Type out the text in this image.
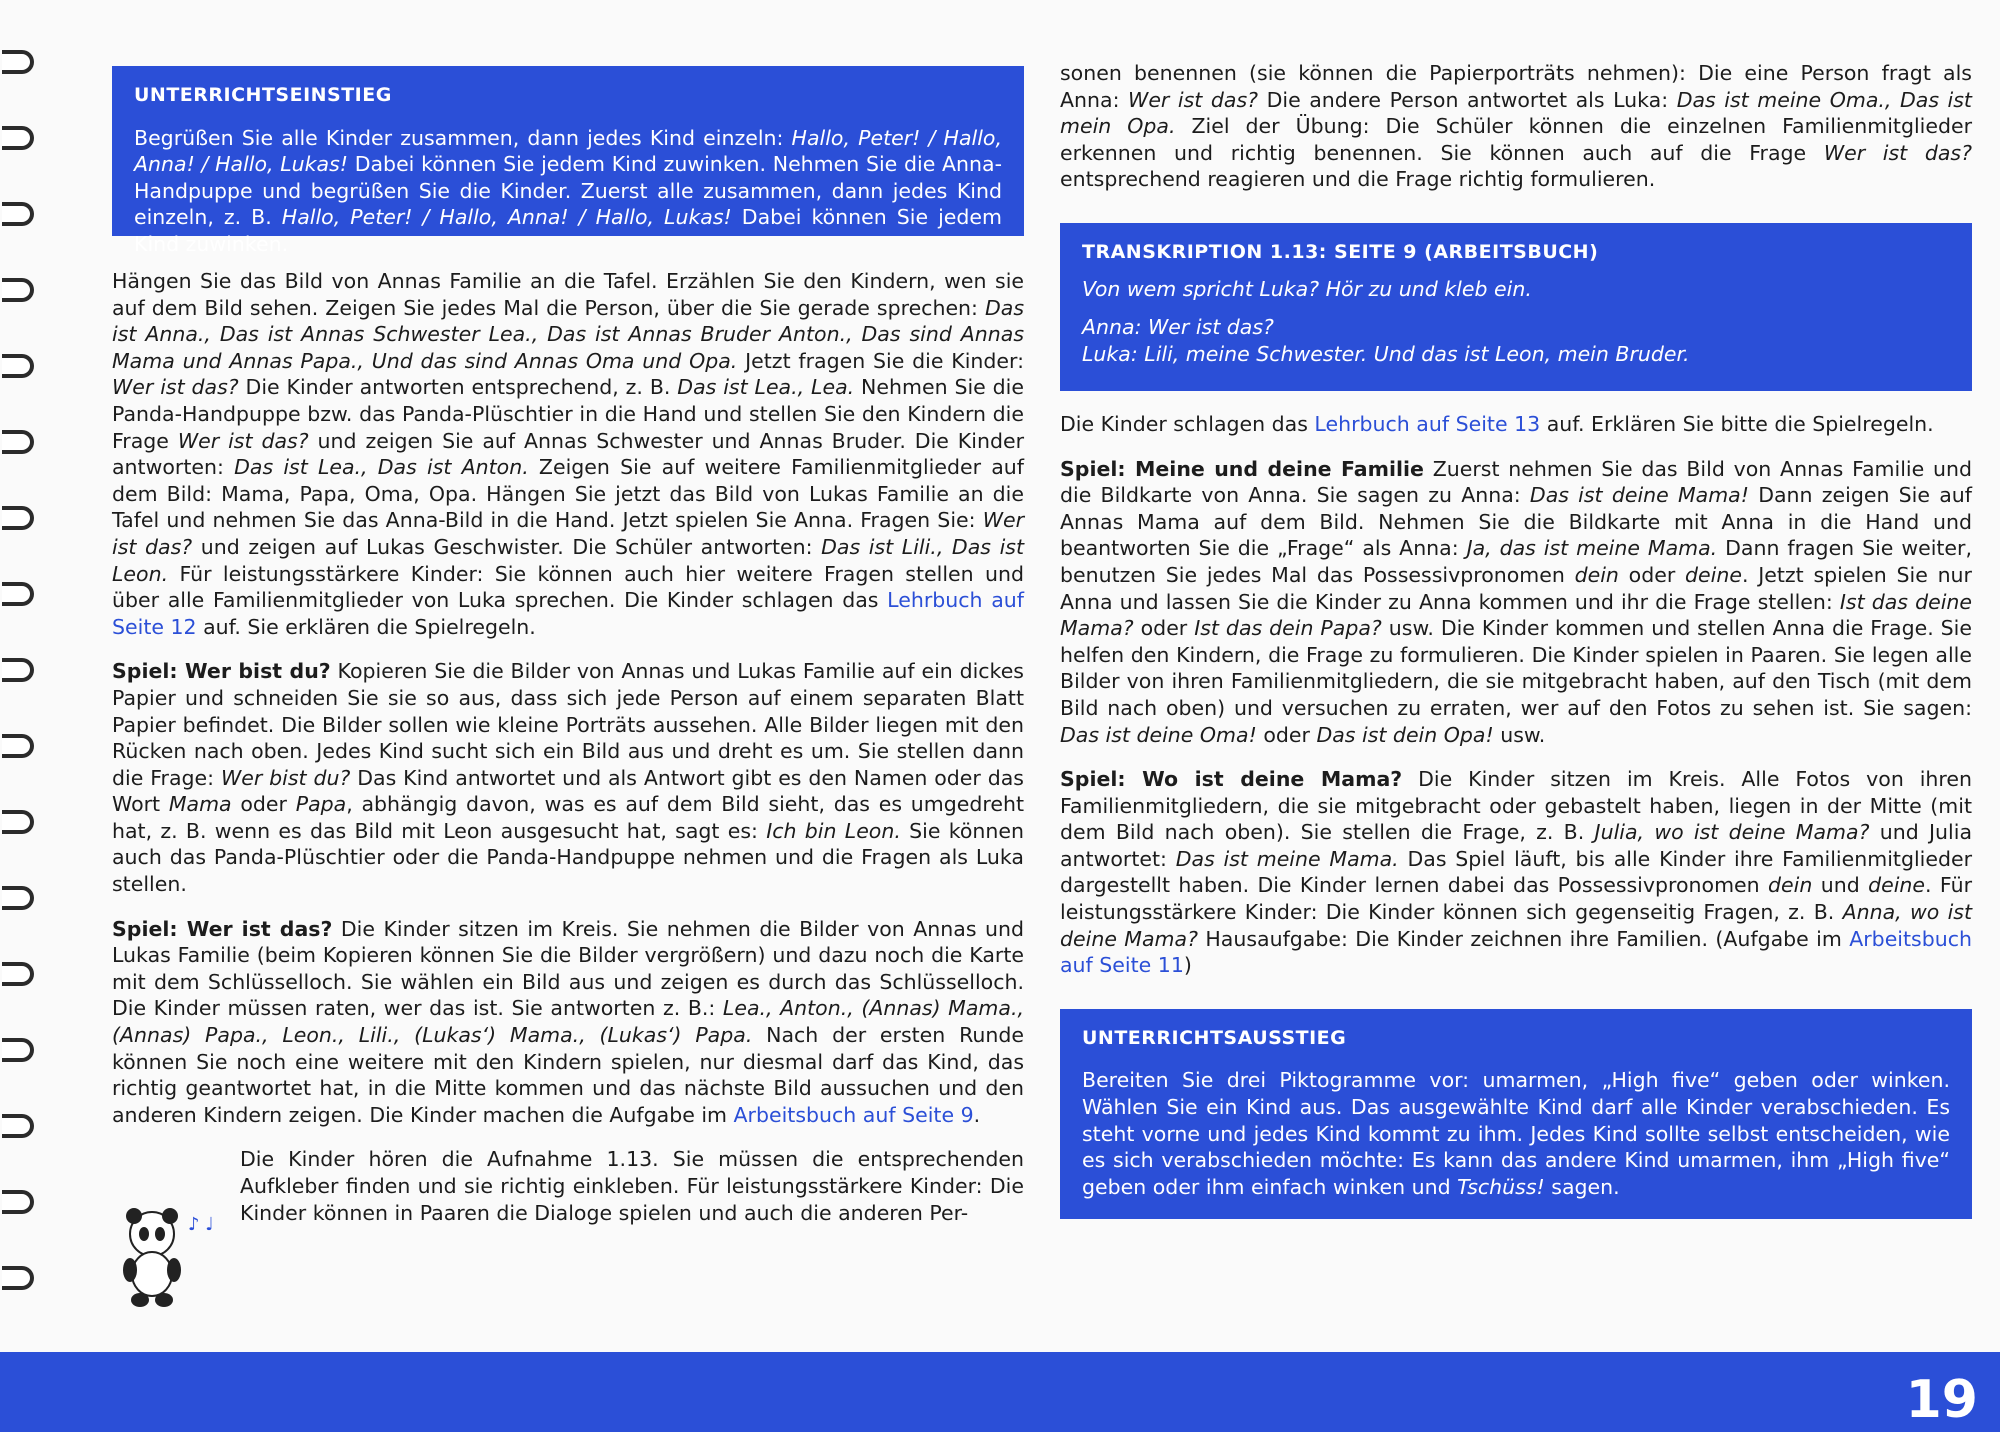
UNTERRICHTSEINSTIEG

Begrüßen Sie alle Kinder zusammen, dann jedes Kind einzeln: Hallo, Peter! / Hallo, Anna! / Hallo, Lukas! Dabei können Sie jedem Kind zuwinken. Nehmen Sie die Anna-Handpuppe und begrüßen Sie die Kinder. Zuerst alle zusammen, dann jedes Kind einzeln, z. B. Hallo, Peter! / Hallo, Anna! / Hallo, Lukas! Dabei können Sie jedem Kind zuwinken.

Hängen Sie das Bild von Annas Familie an die Tafel. Erzählen Sie den Kindern, wen sie auf dem Bild sehen. Zeigen Sie jedes Mal die Person, über die Sie gerade sprechen: Das ist Anna., Das ist Annas Schwester Lea., Das ist Annas Bruder Anton., Das sind Annas Mama und Annas Papa., Und das sind Annas Oma und Opa. Jetzt fragen Sie die Kinder: Wer ist das? Die Kinder antworten entsprechend, z. B. Das ist Lea., Lea. Nehmen Sie die Panda-Handpuppe bzw. das Panda-Plüschtier in die Hand und stellen Sie den Kindern die Frage Wer ist das? und zeigen Sie auf Annas Schwester und Annas Bruder. Die Kinder antworten: Das ist Lea., Das ist Anton. Zeigen Sie auf weitere Familienmitglieder auf dem Bild: Mama, Papa, Oma, Opa. Hängen Sie jetzt das Bild von Lukas Familie an die Tafel und nehmen Sie das Anna-Bild in die Hand. Jetzt spielen Sie Anna. Fragen Sie: Wer ist das? und zeigen auf Lukas Geschwister. Die Schüler antworten: Das ist Lili., Das ist Leon. Für leistungsstärkere Kinder: Sie können auch hier weitere Fragen stellen und über alle Familienmitglieder von Luka sprechen. Die Kinder schlagen das Lehrbuch auf Seite 12 auf. Sie erklären die Spielregeln.

Spiel: Wer bist du? Kopieren Sie die Bilder von Annas und Lukas Familie auf ein dickes Papier und schneiden Sie sie so aus, dass sich jede Person auf einem separaten Blatt Papier befindet. Die Bilder sollen wie kleine Porträts aussehen. Alle Bilder liegen mit den Rücken nach oben. Jedes Kind sucht sich ein Bild aus und dreht es um. Sie stellen dann die Frage: Wer bist du? Das Kind antwortet und als Antwort gibt es den Namen oder das Wort Mama oder Papa, abhängig davon, was es auf dem Bild sieht, das es umgedreht hat, z. B. wenn es das Bild mit Leon ausgesucht hat, sagt es: Ich bin Leon. Sie können auch das Panda-Plüschtier oder die Panda-Handpuppe nehmen und die Fragen als Luka stellen.

Spiel: Wer ist das? Die Kinder sitzen im Kreis. Sie nehmen die Bilder von Annas und Lukas Familie (beim Kopieren können Sie die Bilder vergrößern) und dazu noch die Karte mit dem Schlüsselloch. Sie wählen ein Bild aus und zeigen es durch das Schlüsselloch. Die Kinder müssen raten, wer das ist. Sie antworten z. B.: Lea., Anton., (Annas) Mama., (Annas) Papa., Leon., Lili., (Lukas‘) Mama., (Lukas‘) Papa. Nach der ersten Runde können Sie noch eine weitere mit den Kindern spielen, nur diesmal darf das Kind, das richtig geantwortet hat, in die Mitte kommen und das nächste Bild aussuchen und den anderen Kindern zeigen. Die Kinder machen die Aufgabe im Arbeitsbuch auf Seite 9.

Die Kinder hören die Aufnahme 1.13. Sie müssen die entsprechenden Aufkleber finden und sie richtig einkleben. Für leistungsstärkere Kinder: Die Kinder können in Paaren die Dialoge spielen und auch die anderen Per-

♪ ♩

sonen benennen (sie können die Papierporträts nehmen): Die eine Person fragt als Anna: Wer ist das? Die andere Person antwortet als Luka: Das ist meine Oma., Das ist mein Opa. Ziel der Übung: Die Schüler können die einzelnen Familienmitglieder erkennen und richtig benennen. Sie können auch auf die Frage Wer ist das? entsprechend reagieren und die Frage richtig formulieren.

TRANSKRIPTION 1.13: SEITE 9 (ARBEITSBUCH)

Von wem spricht Luka? Hör zu und kleb ein.

Anna: Wer ist das?

Luka: Lili, meine Schwester. Und das ist Leon, mein Bruder.

Die Kinder schlagen das Lehrbuch auf Seite 13 auf. Erklären Sie bitte die Spielregeln.

Spiel: Meine und deine Familie Zuerst nehmen Sie das Bild von Annas Familie und die Bildkarte von Anna. Sie sagen zu Anna: Das ist deine Mama! Dann zeigen Sie auf Annas Mama auf dem Bild. Nehmen Sie die Bildkarte mit Anna in die Hand und beantworten Sie die „Frage“ als Anna: Ja, das ist meine Mama. Dann fragen Sie weiter, benutzen Sie jedes Mal das Possessivpronomen dein oder deine. Jetzt spielen Sie nur Anna und lassen Sie die Kinder zu Anna kommen und ihr die Frage stellen: Ist das deine Mama? oder Ist das dein Papa? usw. Die Kinder kommen und stellen Anna die Frage. Sie helfen den Kindern, die Frage zu formulieren. Die Kinder spielen in Paaren. Sie legen alle Bilder von ihren Familienmitgliedern, die sie mitgebracht haben, auf den Tisch (mit dem Bild nach oben) und versuchen zu erraten, wer auf den Fotos zu sehen ist. Sie sagen: Das ist deine Oma! oder Das ist dein Opa! usw.

Spiel: Wo ist deine Mama? Die Kinder sitzen im Kreis. Alle Fotos von ihren Familienmitgliedern, die sie mitgebracht oder gebastelt haben, liegen in der Mitte (mit dem Bild nach oben). Sie stellen die Frage, z. B. Julia, wo ist deine Mama? und Julia antwortet: Das ist meine Mama. Das Spiel läuft, bis alle Kinder ihre Familienmitglieder dargestellt haben. Die Kinder lernen dabei das Possessivpronomen dein und deine. Für leistungsstärkere Kinder: Die Kinder können sich gegenseitig Fragen, z. B. Anna, wo ist deine Mama? Hausaufgabe: Die Kinder zeichnen ihre Familien. (Aufgabe im Arbeitsbuch auf Seite 11)

UNTERRICHTSAUSSTIEG

Bereiten Sie drei Piktogramme vor: umarmen, „High five“ geben oder winken. Wählen Sie ein Kind aus. Das ausgewählte Kind darf alle Kinder verabschieden. Es steht vorne und jedes Kind kommt zu ihm. Jedes Kind sollte selbst entscheiden, wie es sich verabschieden möchte: Es kann das andere Kind umarmen, ihm „High five“ geben oder ihm einfach winken und Tschüss! sagen.

19
